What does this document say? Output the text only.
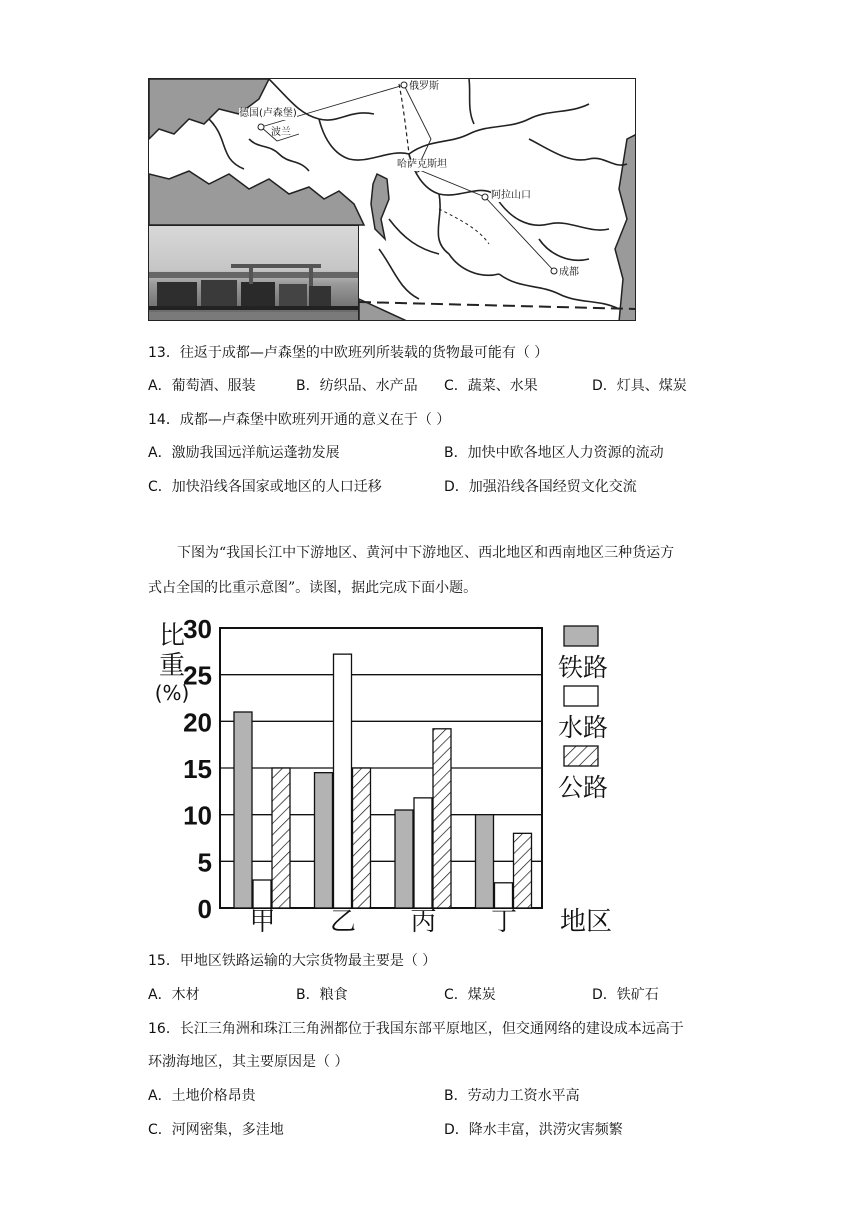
俄罗斯
德国(卢森堡)
波兰
哈萨克斯坦
阿拉山口
成都
13．往返于成都—卢森堡的中欧班列所装载的货物最可能有（ ）
A．葡萄酒、服装	B．纺织品、水产品 C．蔬菜、水果	D．灯具、煤炭
14．成都—卢森堡中欧班列开通的意义在于（ ）
A．激励我国远洋航运蓬勃发展	B．加快中欧各地区人力资源的流动
C．加快沿线各国家或地区的人口迁移	D．加强沿线各国经贸文化交流
下图为“我国长江中下游地区、黄河中下游地区、西北地区和西南地区三种货运方
式占全国的比重示意图”。读图，据此完成下面小题。
0
5
10
15
20
25
30
比
重
(%)
甲 乙 丙 丁 地区
铁路
水路
公路
15．甲地区铁路运输的大宗货物最主要是（ ）
A．木材	B．粮食	C．煤炭	D．铁矿石
16．长江三角洲和珠江三角洲都位于我国东部平原地区，但交通网络的建设成本远高于
环渤海地区，其主要原因是（ ）
A．土地价格昂贵	B．劳动力工资水平高
C．河网密集，多洼地	D．降水丰富，洪涝灾害频繁
